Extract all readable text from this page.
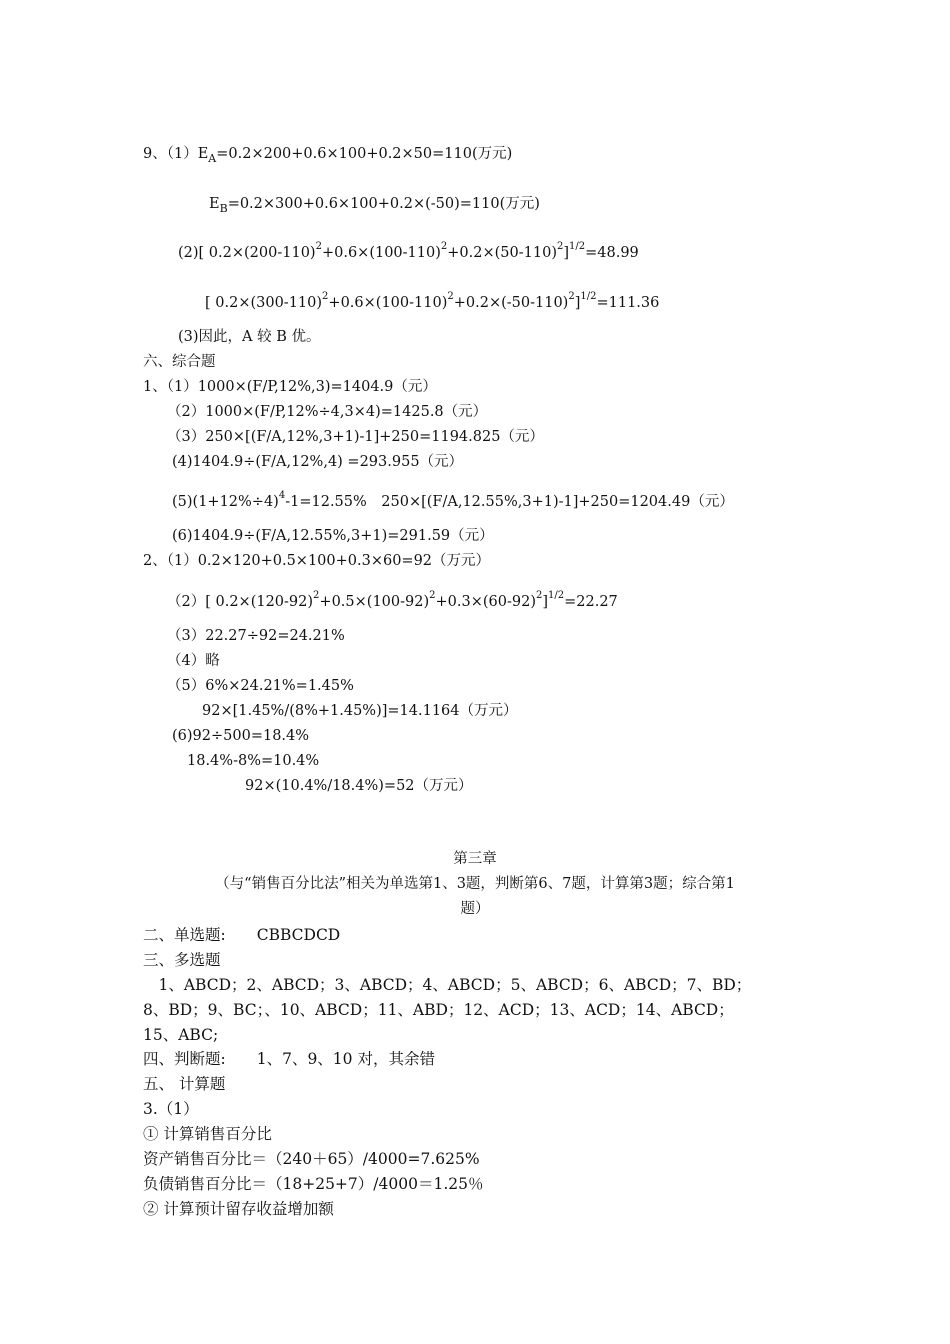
9、$(1)E_A=0.2\times 200+0.6\times 100+0.2\times 50=110$(万元)
$E_B=0.2\times 300+0.6\times 100+0.2\times(-50)=110$(万元)
(2)[ $0.2\times(200-110)^2+0.6\times(100-110)^2+0.2\times(50-110)^2]^{1/2}=48.99$
[ $0.2\times(300-110)^2+0.6\times(100-110)^2+0.2\times(-50-110)^2]^{1/2}=111.36$
(3)因此，A 较 B 优。
六、综合题
1、（1）1000×(F/P,12%,3)=1404.9（元）
（2）1000×(F/P,12%÷4,3×4)=1425.8（元）
（3）250×[(F/A,12%,3+1)-1]+250=1194.825（元）
(4)1404.9÷(F/A,12%,4) =293.955（元）
$(5)(1+12\%\div 4)^4-1=12.55\%$　250×[(F/A,12.55%,3+1)-1]+250=1204.49（元）
(6)1404.9÷(F/A,12.55%,3+1)=291.59（元）
2、（1）0.2×120+0.5×100+0.3×60=92（万元）
（2）[ $0.2\times(120-92)^2+0.5\times(100-92)^2+0.3\times(60-92)^2]^{1/2}=22.27$
（3）22.27÷92=24.21%
（4）略
（5）6%×24.21%=1.45%
92×[1.45%/(8%+1.45%)]=14.1164（万元）
(6)92÷500=18.4%
18.4%-8%=10.4%
92×(10.4%/18.4%)=52（万元）
第三章
（与“销售百分比法”相关为单选第1、3题，判断第6、7题，计算第3题；综合第1
题）
二、单选题:　　CBBCDCD
三、多选题
　1、ABCD；2、ABCD；3、ABCD；4、ABCD；5、ABCD；6、ABCD；7、BD；
8、BD；9、BC；、10、ABCD；11、ABD；12、ACD；13、ACD；14、ABCD；
15、ABC;
四、判断题:　　1、7、9、10 对，其余错
五、 计算题
3.（1）
① 计算销售百分比
资产销售百分比＝（240＋65）/4000=7.625%
负债销售百分比＝（18+25+7）/4000＝1.25％
② 计算预计留存收益增加额
